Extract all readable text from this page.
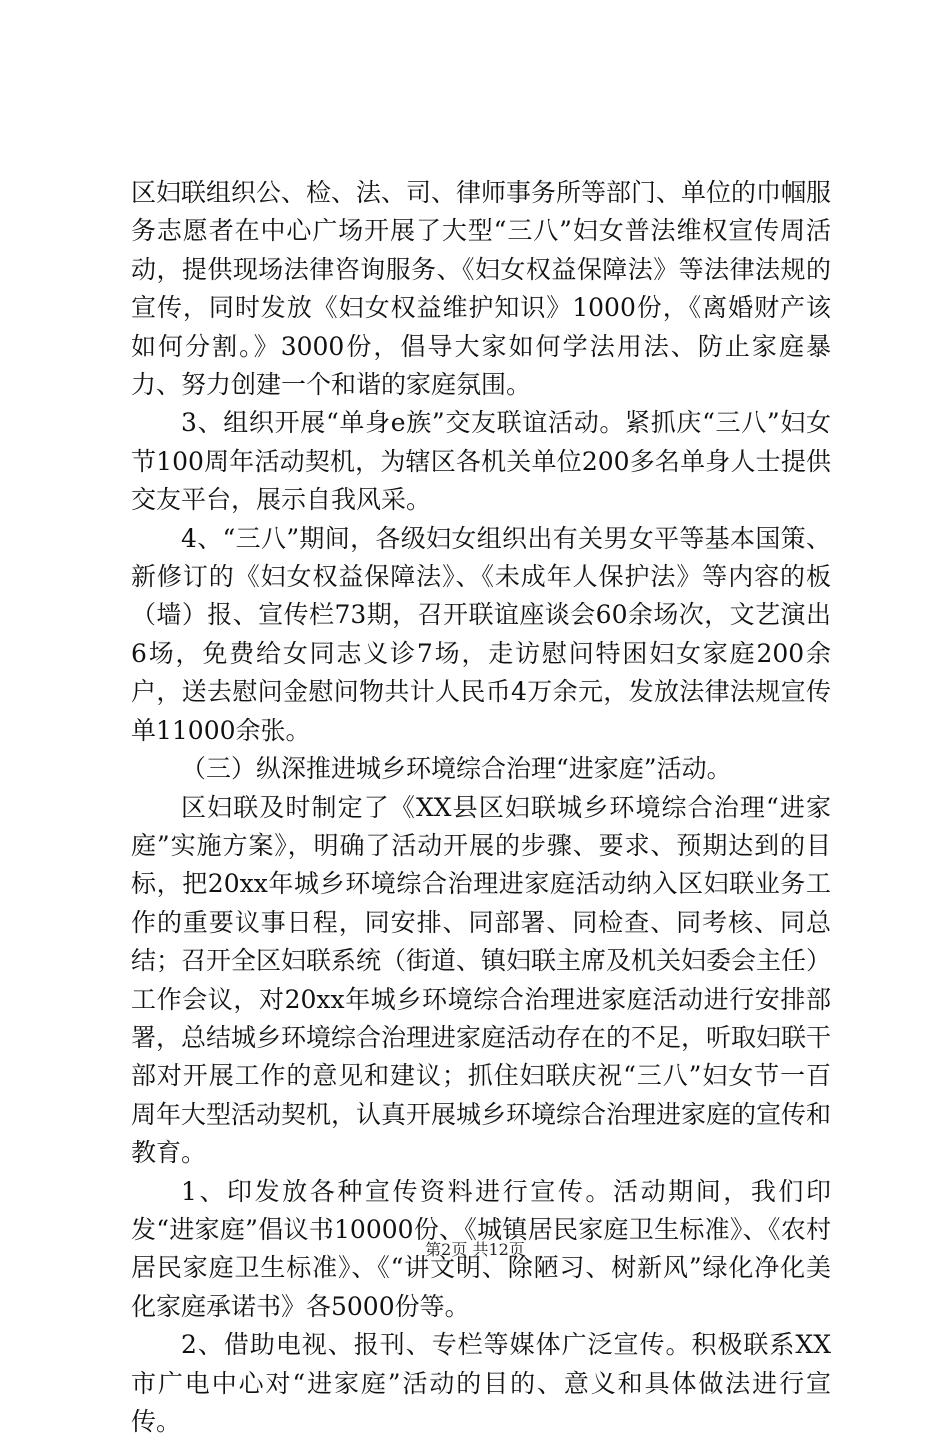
区妇联组织公、检、法、司、律师事务所等部门、单位的巾帼服务志愿者在中心广场开展了大型“三八”妇女普法维权宣传周活动，提供现场法律咨询服务、《妇女权益保障法》等法律法规的宣传，同时发放《妇女权益维护知识》1000份，《离婚财产该如何分割。》3000份，倡导大家如何学法用法、防止家庭暴力、努力创建一个和谐的家庭氛围。

3、组织开展“单身e族”交友联谊活动。紧抓庆“三八”妇女节100周年活动契机，为辖区各机关单位200多名单身人士提供交友平台，展示自我风采。

4、“三八”期间，各级妇女组织出有关男女平等基本国策、新修订的《妇女权益保障法》、《未成年人保护法》等内容的板（墙）报、宣传栏73期，召开联谊座谈会60余场次，文艺演出6场，免费给女同志义诊7场，走访慰问特困妇女家庭200余户，送去慰问金慰问物共计人民币4万余元，发放法律法规宣传单11000余张。

（三）纵深推进城乡环境综合治理“进家庭”活动。

区妇联及时制定了《XX县区妇联城乡环境综合治理“进家庭”实施方案》，明确了活动开展的步骤、要求、预期达到的目标，把20xx年城乡环境综合治理进家庭活动纳入区妇联业务工作的重要议事日程，同安排、同部署、同检查、同考核、同总结；召开全区妇联系统（街道、镇妇联主席及机关妇委会主任）工作会议，对20xx年城乡环境综合治理进家庭活动进行安排部署，总结城乡环境综合治理进家庭活动存在的不足，听取妇联干部对开展工作的意见和建议；抓住妇联庆祝“三八”妇女节一百周年大型活动契机，认真开展城乡环境综合治理进家庭的宣传和教育。

1、印发放各种宣传资料进行宣传。活动期间，我们印发“进家庭”倡议书10000份、《城镇居民家庭卫生标准》、《农村居民家庭卫生标准》、《“讲文明、除陋习、树新风”绿化净化美化家庭承诺书》各5000份等。

2、借助电视、报刊、专栏等媒体广泛宣传。积极联系XX市广电中心对“进家庭”活动的目的、意义和具体做法进行宣传。

第2页 共12页
